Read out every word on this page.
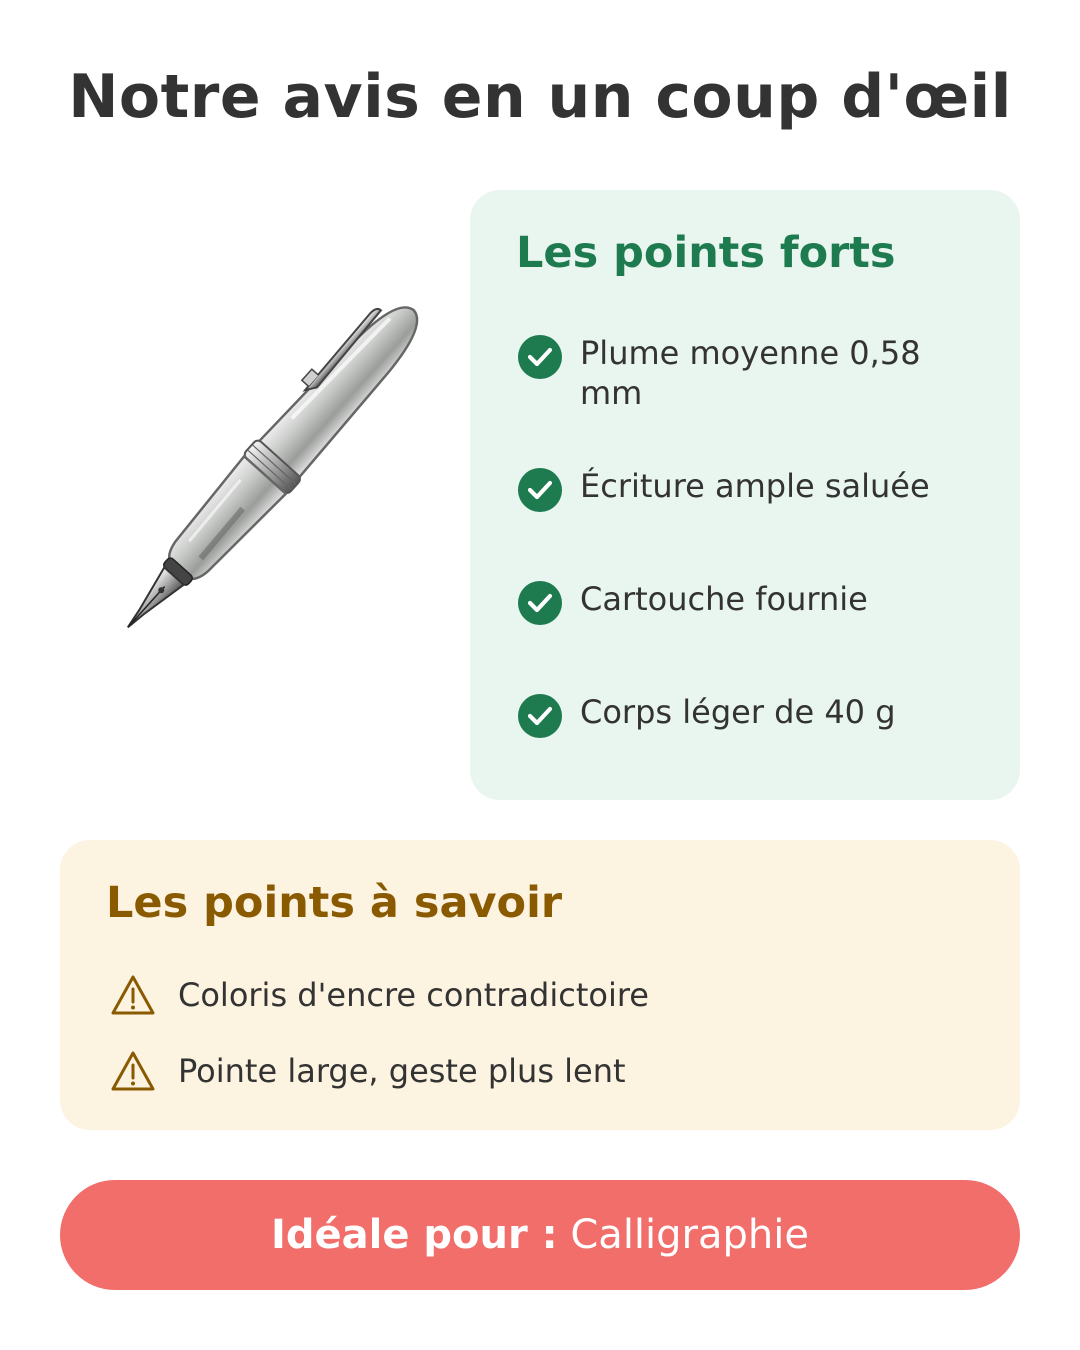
Notre avis en un coup d'œil
Les points forts
Plume moyenne 0,58 mm
Écriture ample saluée
Cartouche fournie
Corps léger de 40 g
Les points à savoir
Coloris d'encre contradictoire
Pointe large, geste plus lent
Idéale pour : Calligraphie
